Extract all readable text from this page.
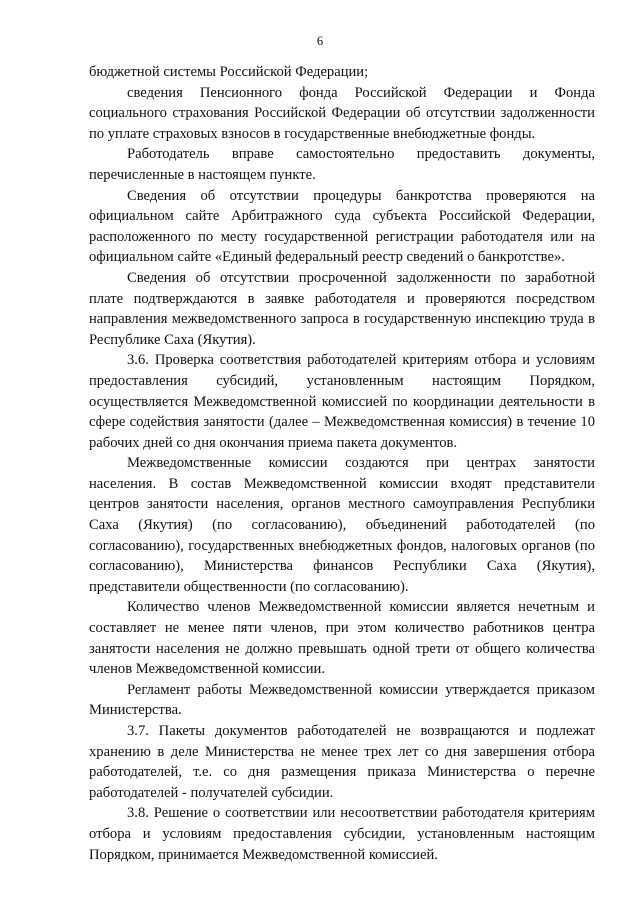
6

бюджетной системы Российской Федерации;

сведения Пенсионного фонда Российской Федерации и Фонда социального страхования Российской Федерации об отсутствии задолженности по уплате страховых взносов в государственные внебюджетные фонды.

Работодатель вправе самостоятельно предоставить документы, перечисленные в настоящем пункте.

Сведения об отсутствии процедуры банкротства проверяются на официальном сайте Арбитражного суда субъекта Российской Федерации, расположенного по месту государственной регистрации работодателя или на официальном сайте «Единый федеральный реестр сведений о банкротстве».

Сведения об отсутствии просроченной задолженности по заработной плате подтверждаются в заявке работодателя и проверяются посредством направления межведомственного запроса в государственную инспекцию труда в Республике Саха (Якутия).

3.6. Проверка соответствия работодателей критериям отбора и условиям предоставления субсидий, установленным настоящим Порядком, осуществляется Межведомственной комиссией по координации деятельности в сфере содействия занятости (далее – Межведомственная комиссия) в течение 10 рабочих дней со дня окончания приема пакета документов.

Межведомственные комиссии создаются при центрах занятости населения. В состав Межведомственной комиссии входят представители центров занятости населения, органов местного самоуправления Республики Саха (Якутия) (по согласованию), объединений работодателей (по согласованию), государственных внебюджетных фондов, налоговых органов (по согласованию), Министерства финансов Республики Саха (Якутия), представители общественности (по согласованию).

Количество членов Межведомственной комиссии является нечетным и составляет не менее пяти членов, при этом количество работников центра занятости населения не должно превышать одной трети от общего количества членов Межведомственной комиссии.

Регламент работы Межведомственной комиссии утверждается приказом Министерства.

3.7. Пакеты документов работодателей не возвращаются и подлежат хранению в деле Министерства не менее трех лет со дня завершения отбора работодателей, т.е. со дня размещения приказа Министерства о перечне работодателей - получателей субсидии.

3.8. Решение о соответствии или несоответствии работодателя критериям отбора и условиям предоставления субсидии, установленным настоящим Порядком, принимается Межведомственной комиссией.
